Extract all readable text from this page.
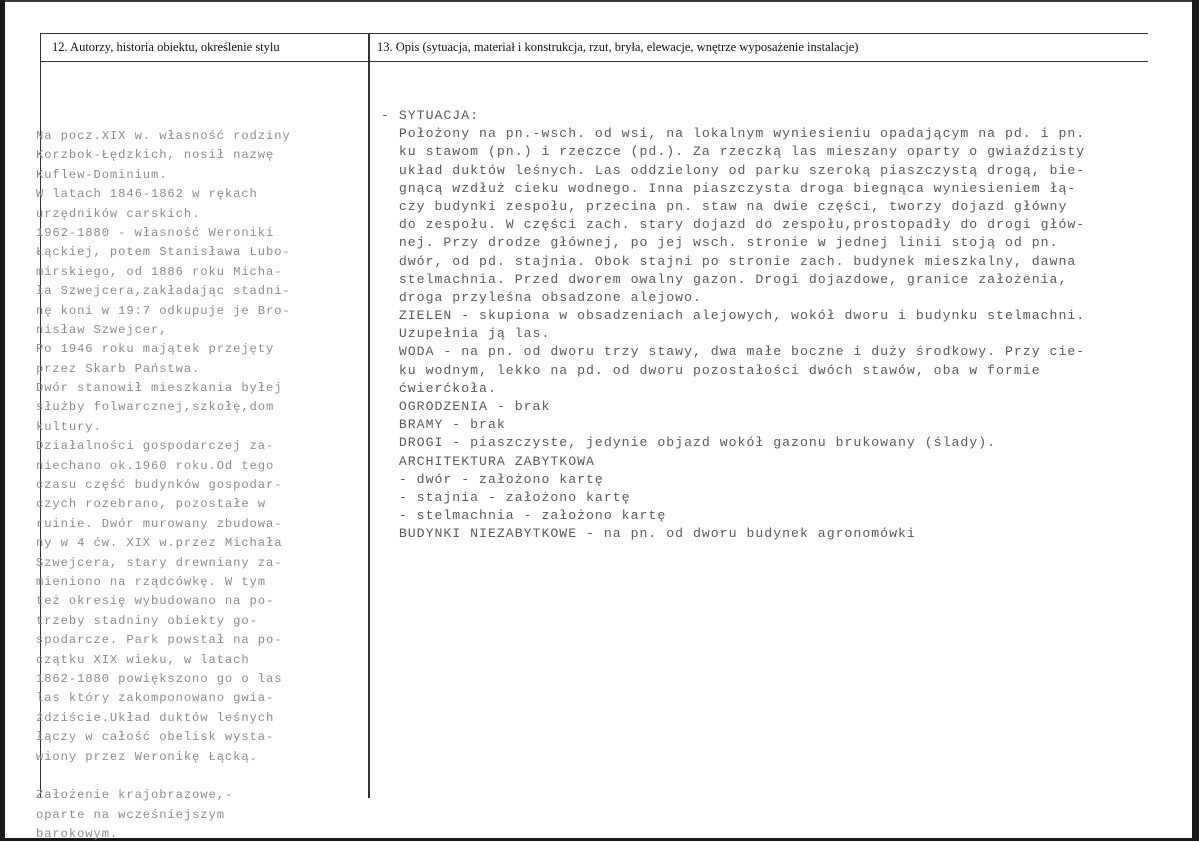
12. Autorzy, historia obiektu, określenie stylu	13. Opis (sytuacja, materiał i konstrukcja, rzut, bryła, elewacje, wnętrze wyposażenie instalacje)
Na pocz.XIX w. własność rodziny
Korzbok-Łędzkich, nosił nazwę
Kuflew-Dominium.
W latach 1846-1862 w rękach
urzędników carskich.
1962-1880 - własność Weroniki
Łąckiej, potem Stanisława Lubo-
mirskiego, od 1886 roku Micha-
ła Szwejcera,zakładając stadni-
nę koni w 19:7 odkupuje je Bro-
nisław Szwejcer,
Po 1946 roku majątek przejęty
przez Skarb Państwa.
Dwór stanowił mieszkania byłej
służby folwarcznej,szkołę,dom
kultury.
Działalności gospodarczej za-
niechano ok.1960 roku.Od tego
czasu część budynków gospodar-
czych rozebrano, pozostałe w
ruinie. Dwór murowany zbudowa-
ny w 4 ćw. XIX w.przez Michała
Szwejcera, stary drewniany za-
mieniono na rządcówkę. W tym
też okresię wybudowano na po-
trzeby stadniny obiekty go-
spodarcze. Park powstał na po-
czątku XIX wieku, w latach
1862-1880 powiększono go o las
las który zakomponowano gwia-
ździście.Układ duktów leśnych
łączy w całość obelisk wysta-
wiony przez Weronikę Łącką.
Założenie krajobrazowe,-
oparte na wcześniejszym
barokowym.
- SYTUACJA:
Położony na pn.-wsch. od wsi, na lokalnym wyniesieniu opadającym na pd. i pn.
ku stawom (pn.) i rzeczce (pd.). Za rzeczką las mieszany oparty o gwiaździsty
układ duktów leśnych. Las oddzielony od parku szeroką piaszczystą drogą, bie-
gnącą wzdłuż cieku wodnego. Inna piaszczysta droga biegnąca wyniesieniem łą-
czy budynki zespołu, przecina pn. staw na dwie części, tworzy dojazd główny
do zespołu. W części zach. stary dojazd do zespołu,prostopadły do drogi głów-
nej. Przy drodze głównej, po jej wsch. stronie w jednej linii stoją od pn.
dwór, od pd. stajnia. Obok stajni po stronie zach. budynek mieszkalny, dawna
stelmachnia. Przed dworem owalny gazon. Drogi dojazdowe, granice założenia,
droga przyleśna obsadzone alejowo.
ZIELEN - skupiona w obsadzeniach alejowych, wokół dworu i budynku stelmachni.
Uzupełnia ją las.
WODA - na pn. od dworu trzy stawy, dwa małe boczne i duży środkowy. Przy cie-
ku wodnym, lekko na pd. od dworu pozostałości dwóch stawów, oba w formie
ćwierćkoła.
OGRODZENIA - brak
BRAMY - brak
DROGI - piaszczyste, jedynie objazd wokół gazonu brukowany (ślady).
ARCHITEKTURA ZABYTKOWA
- dwór - założono kartę
- stajnia - założono kartę
- stelmachnia - założono kartę
BUDYNKI NIEZABYTKOWE - na pn. od dworu budynek agronomówki
